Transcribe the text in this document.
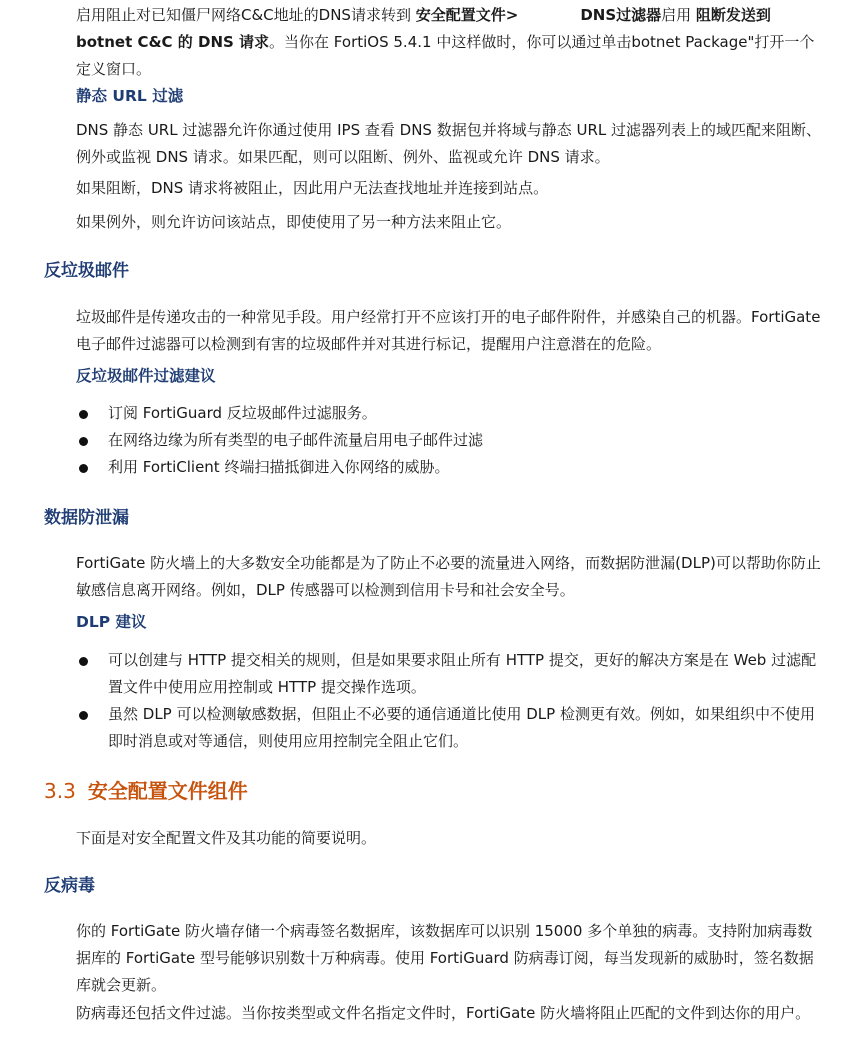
启用阻止对已知僵尸网络C&C地址的DNS请求转到 安全配置文件>	DNS过滤器启用 阻断发送到 botnet C&C 的 DNS 请求。当你在 FortiOS 5.4.1 中这样做时，你可以通过单击botnet Package"打开一个定义窗口。

静态 URL 过滤

DNS 静态 URL 过滤器允许你通过使用 IPS 查看 DNS 数据包并将域与静态 URL 过滤器列表上的域匹配来阻断、例外或监视 DNS 请求。如果匹配，则可以阻断、例外、监视或允许 DNS 请求。

如果阻断，DNS 请求将被阻止，因此用户无法查找地址并连接到站点。

如果例外，则允许访问该站点，即使使用了另一种方法来阻止它。

反垃圾邮件

垃圾邮件是传递攻击的一种常见手段。用户经常打开不应该打开的电子邮件附件，并感染自己的机器。FortiGate 电子邮件过滤器可以检测到有害的垃圾邮件并对其进行标记，提醒用户注意潜在的危险。

反垃圾邮件过滤建议
订阅 FortiGuard 反垃圾邮件过滤服务。
在网络边缘为所有类型的电子邮件流量启用电子邮件过滤
利用 FortiClient 终端扫描抵御进入你网络的威胁。
数据防泄漏

FortiGate 防火墙上的大多数安全功能都是为了防止不必要的流量进入网络，而数据防泄漏(DLP)可以帮助你防止敏感信息离开网络。例如，DLP 传感器可以检测到信用卡号和社会安全号。

DLP 建议
可以创建与 HTTP 提交相关的规则，但是如果要求阻止所有 HTTP 提交，更好的解决方案是在 Web 过滤配置文件中使用应用控制或 HTTP 提交操作选项。
虽然 DLP 可以检测敏感数据，但阻止不必要的通信通道比使用 DLP 检测更有效。例如，如果组织中不使用即时消息或对等通信，则使用应用控制完全阻止它们。
3.3 安全配置文件组件

下面是对安全配置文件及其功能的简要说明。

反病毒

你的 FortiGate 防火墙存储一个病毒签名数据库，该数据库可以识别 15000 多个单独的病毒。支持附加病毒数据库的 FortiGate 型号能够识别数十万种病毒。使用 FortiGuard 防病毒订阅，每当发现新的威胁时，签名数据库就会更新。

防病毒还包括文件过滤。当你按类型或文件名指定文件时，FortiGate 防火墙将阻止匹配的文件到达你的用户。
